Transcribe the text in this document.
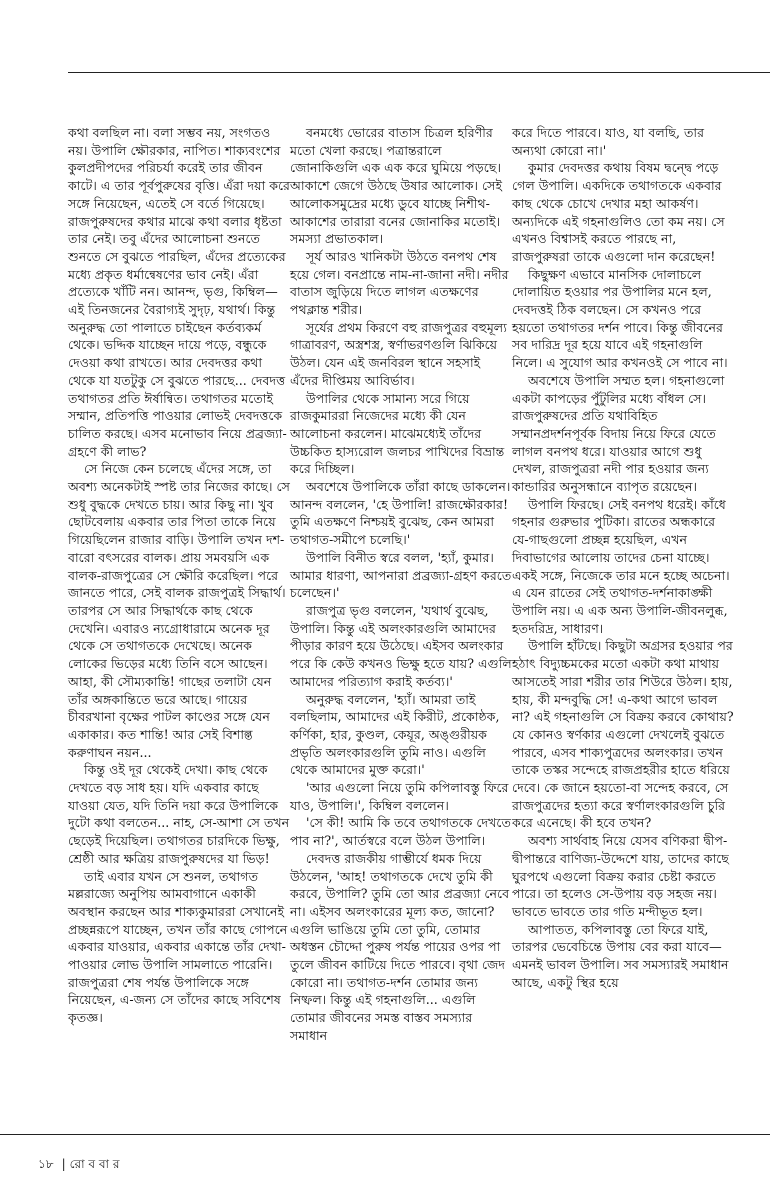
কথা বলছিল না। বলা সম্ভব নয়, সংগতও নয়। উপালি ক্ষৌরকার, নাপিত। শাক্যবংশের কুলপ্রদীপদের পরিচর্যা করেই তার জীবন কাটে। এ তার পূর্বপুরুষের বৃত্তি। এঁরা দয়া করে সঙ্গে নিয়েছেন, এতেই সে বর্তে গিয়েছে। রাজপুরুষদের কথার মাঝে কথা বলার ধৃষ্টতা তার নেই। তবু এঁদের আলোচনা শুনতে শুনতে সে বুঝতে পারছিল, এঁদের প্রত্যেকের মধ্যে প্রকৃত ধর্মান্বেষণের ভাব নেই। এঁরা প্রত্যেকে খাঁটি নন। আনন্দ, ভৃগু, কিম্বিল— এই তিনজনের বৈরাগ্যই সুদৃঢ়, যথার্থ। কিন্তু অনুরুদ্ধ তো পালাতে চাইছেন কর্তব্যকর্ম থেকে। ভদ্দিক যাচ্ছেন দায়ে পড়ে, বন্ধুকে দেওয়া কথা রাখতে। আর দেবদত্তর কথা থেকে যা যতটুকু সে বুঝতে পারছে... দেবদত্ত তথাগতর প্রতি ঈর্ষান্বিত। তথাগতর মতোই সম্মান, প্রতিপত্তি পাওয়ার লোভই দেবদত্তকে চালিত করছে। এসব মনোভাব নিয়ে প্রব্রজ্যা-গ্রহণে কী লাভ?

সে নিজে কেন চলেছে এঁদের সঙ্গে, তা অবশ্য অনেকটাই স্পষ্ট তার নিজের কাছে। সে শুধু বুদ্ধকে দেখতে চায়। আর কিছু না। খুব ছোটবেলায় একবার তার পিতা তাকে নিয়ে গিয়েছিলেন রাজার বাড়ি। উপালি তখন দশ-বারো বৎসরের বালক। প্রায় সমবয়সি এক বালক-রাজপুত্রের সে ক্ষৌরি করেছিল। পরে জানতে পারে, সেই বালক রাজপুত্রই সিদ্ধার্থ। তারপর সে আর সিদ্ধার্থকে কাছ থেকে দেখেনি। এবারও ন্যগ্রোধারামে অনেক দূর থেকে সে তথাগতকে দেখেছে। অনেক লোকের ভিড়ের মধ্যে তিনি বসে আছেন। আহা, কী সৌম্যকান্তি! গাছের তলাটা যেন তাঁর অঙ্গকান্তিতে ভরে আছে। গায়ের চীবরখানা বৃক্ষের পাটল কাণ্ডের সঙ্গে যেন একাকার। কত শান্তি! আর সেই বিশাল্ত করুণাঘন নয়ন...

কিন্তু ওই দূর থেকেই দেখা। কাছ থেকে দেখতে বড় সাধ হয়। যদি একবার কাছে যাওয়া যেত, যদি তিনি দয়া করে উপালিকে দুটো কথা বলতেন... নাহ, সে-আশা সে তখন ছেড়েই দিয়েছিল। তথাগতর চারদিকে ভিক্ষু, শ্রেষ্ঠী আর ক্ষত্রিয় রাজপুরুষদের যা ভিড়!

তাই এবার যখন সে শুনল, তথাগত মল্লরাজ্যে অনুপিয় আমবাগানে একাকী অবস্থান করছেন আর শাক্যকুমাররা সেখানেই প্রচ্ছন্নরূপে যাচ্ছেন, তখন তাঁর কাছে গোপনে একবার যাওয়ার, একবার একান্তে তাঁর দেখা-পাওয়ার লোভ উপালি সামলাতে পারেনি। রাজপুত্ররা শেষ পর্যন্ত উপালিকে সঙ্গে নিয়েছেন, এ-জন্য সে তাঁদের কাছে সবিশেষ কৃতজ্ঞ।

বনমধ্যে ভোরের বাতাস চিত্রল হরিণীর মতো খেলা করছে। পত্রান্তরালে জোনাকিগুলি এক এক করে ঘুমিয়ে পড়ছে। আকাশে জেগে উঠছে উষার আলোক। সেই আলোকসমুদ্রের মধ্যে ডুবে যাচ্ছে নিশীথ-আকাশের তারারা বনের জোনাকির মতোই। সমস্যা প্রভাতকাল।

সূর্য আরও খানিকটা উঠতে বনপথ শেষ হয়ে গেল। বনপ্রান্তে নাম-না-জানা নদী। নদীর বাতাস জুড়িয়ে দিতে লাগল এতক্ষণের পথক্লান্ত শরীর।

সূর্যের প্রথম কিরণে বহু রাজপুত্রর বহুমূল্য গাত্রাবরণ, অস্ত্রশস্ত্র, স্বর্ণাভরণগুলি ঝিকিয়ে উঠল। যেন এই জনবিরল স্থানে সহসাই এঁদের দীপ্তিময় আবির্ভাব।

উপালির থেকে সামান্য সরে গিয়ে রাজকুমাররা নিজেদের মধ্যে কী যেন আলোচনা করলেন। মাঝেমধ্যেই তাঁদের উচ্চকিত হাস্যরোল জলচর পাখিদের বিভ্রান্ত করে দিচ্ছিল।

অবশেষে উপালিকে তাঁরা কাছে ডাকলেন। আনন্দ বললেন, 'হে উপালি! রাজক্ষৌরকার! তুমি এতক্ষণে নিশ্চয়ই বুঝেছ, কেন আমরা তথাগত-সমীপে চলেছি।'

উপালি বিনীত স্বরে বলল, 'হ্যাঁ, কুমার। আমার ধারণা, আপনারা প্রব্রজ্যা-গ্রহণ করতে চলেছেন।'

রাজপুত্র ভৃগু বললেন, 'যথার্থ বুঝেছ, উপালি। কিন্তু এই অলংকারগুলি আমাদের পীড়ার কারণ হয়ে উঠেছে। এইসব অলংকার পরে কি কেউ কখনও ভিক্ষু হতে যায়? এগুলি আমাদের পরিত্যাগ করাই কর্তব্য।'

অনুরুদ্ধ বললেন, 'হ্যাঁ। আমরা তাই বলছিলাম, আমাদের এই কিরীট, প্রকোষ্ঠক, কর্ণিকা, হার, কুণ্ডল, কেয়ূর, অঙ্গুরীয়ক প্রভৃতি অলংকারগুলি তুমি নাও। এগুলি থেকে আমাদের মুক্ত করো।'

'আর এগুলো নিয়ে তুমি কপিলাবস্তু ফিরে যাও, উপালি।', কিম্বিল বললেন।

'সে কী! আমি কি তবে তথাগতকে দেখতে পাব না?', আর্তস্বরে বলে উঠল উপালি।

দেবদত্ত রাজকীয় গাম্ভীর্যে ধমক দিয়ে উঠলেন, 'আহ! তথাগতকে দেখে তুমি কী করবে, উপালি? তুমি তো আর প্রব্রজ্যা নেবে না। এইসব অলংকারের মূল্য কত, জানো? এগুলি ভাঙিয়ে তুমি তো তুমি, তোমার অধস্তন চৌদ্দো পুরুষ পর্যন্ত পায়ের ওপর পা তুলে জীবন কাটিয়ে দিতে পারবে। বৃথা জেদ কোরো না। তথাগত-দর্শন তোমার জন্য নিষ্ফল। কিন্তু এই গহনাগুলি... এগুলি তোমার জীবনের সমস্ত বাস্তব সমস্যার সমাধান

করে দিতে পারবে। যাও, যা বলছি, তার অন্যথা কোরো না।'

কুমার দেবদত্তর কথায় বিষম দ্বন্দ্বে পড়ে গেল উপালি। একদিকে তথাগতকে একবার কাছ থেকে চোখে দেখার মহা আকর্ষণ। অন্যদিকে এই গহনাগুলিও তো কম নয়। সে এখনও বিশ্বাসই করতে পারছে না, রাজপুরুষরা তাকে এগুলো দান করেছেন!

কিছুক্ষণ এভাবে মানসিক দোলাচলে দোলায়িত হওয়ার পর উপালির মনে হল, দেবদত্তই ঠিক বলছেন। সে কখনও পরে হয়তো তথাগতর দর্শন পাবে। কিন্তু জীবনের সব দারিদ্র দূর হয়ে যাবে এই গহনাগুলি নিলে। এ সুযোগ আর কখনওই সে পাবে না।

অবশেষে উপালি সম্মত হল। গহনাগুলো একটা কাপড়ের পুঁটুলির মধ্যে বাঁধল সে। রাজপুরুষদের প্রতি যথাবিহিত সম্মানপ্রদর্শনপূর্বক বিদায় নিয়ে ফিরে যেতে লাগল বনপথ ধরে। যাওয়ার আগে শুধু দেখল, রাজপুত্ররা নদী পার হওয়ার জন্য কান্ডারির অনুসন্ধানে ব্যাপৃত রয়েছেন।

উপালি ফিরছে। সেই বনপথ ধরেই। কাঁধে গহনার গুরুভার পুটিকা। রাতের অন্ধকারে যে-গাছগুলো প্রচ্ছন্ন হয়েছিল, এখন দিবাভাগের আলোয় তাদের চেনা যাচ্ছে। একই সঙ্গে, নিজেকে তার মনে হচ্ছে অচেনা। এ যেন রাতের সেই তথাগত-দর্শনাকাঙ্ক্ষী উপালি নয়। এ এক অন্য উপালি-জীবনলুব্ধ, হতদরিদ্র, সাধারণ।

উপালি হাঁটছে। কিছুটা অগ্রসর হওয়ার পর হঠাৎ বিদ্যুচ্চমকের মতো একটা কথা মাথায় আসতেই সারা শরীর তার শিউরে উঠল। হায়, হায়, কী মন্দবুদ্ধি সে! এ-কথা আগে ভাবল না? এই গহনাগুলি সে বিক্রয় করবে কোথায়? যে কোনও স্বর্ণকার এগুলো দেখলেই বুঝতে পারবে, এসব শাক্যপুত্রদের অলংকার। তখন তাকে তস্কর সন্দেহে রাজপ্রহরীর হাতে ধরিয়ে দেবে। কে জানে হয়তো-বা সন্দেহ করবে, সে রাজপুত্রদের হত্যা করে স্বর্ণালংকারগুলি চুরি করে এনেছে। কী হবে তখন?

অবশ্য সার্থবাহ নিয়ে যেসব বণিকরা দ্বীপ-দ্বীপান্তরে বাণিজ্য-উদ্দেশে যায়, তাদের কাছে ঘুরপথে এগুলো বিক্রয় করার চেষ্টা করতে পারে। তা হলেও সে-উপায় বড় সহজ নয়। ভাবতে ভাবতে তার গতি মন্দীভূত হল।

আপাতত, কপিলাবস্তু তো ফিরে যাই, তারপর ভেবেচিন্তে উপায় বের করা যাবে— এমনই ভাবল উপালি। সব সমস্যারই সমাধান আছে, একটু স্থির হয়ে

১৮ | রো ব বা র
